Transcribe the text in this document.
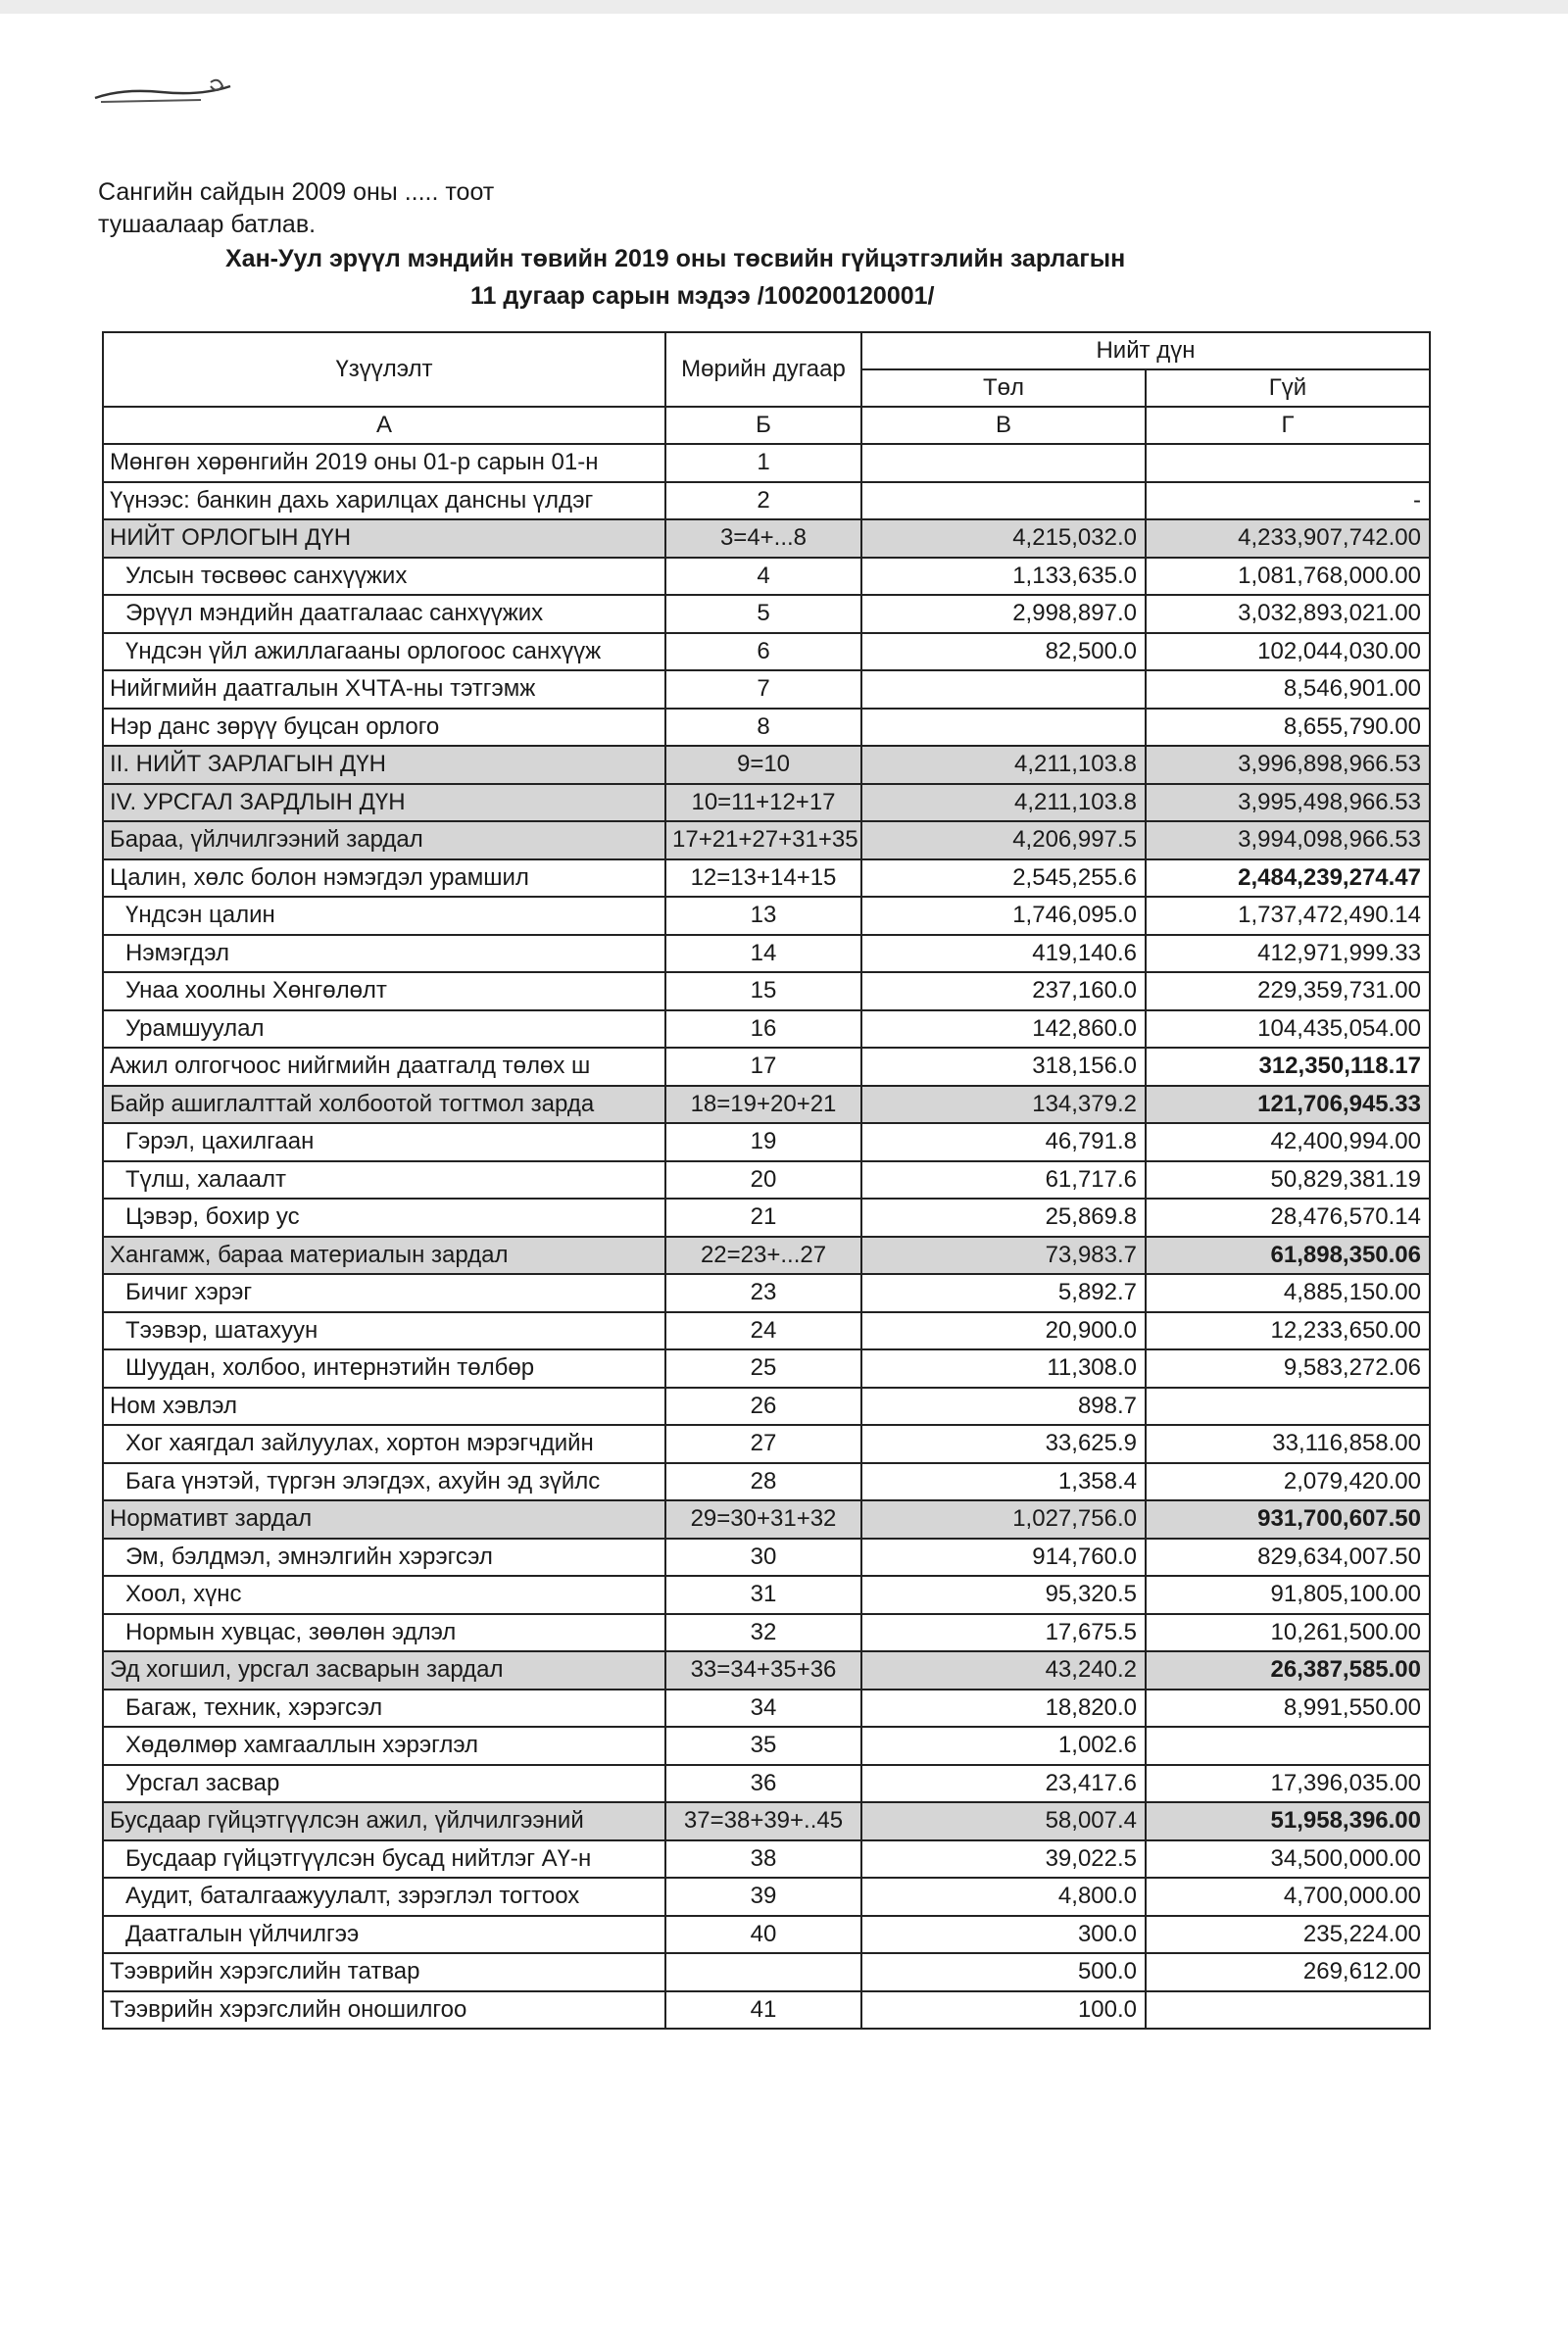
Сангийн сайдын 2009 оны ..... тоот
тушаалаар батлав.
Хан-Уул эрүүл мэндийн төвийн 2019 оны төсвийн гүйцэтгэлийн зарлагын
11 дугаар сарын мэдээ /100200120001/
Үзүүлэлт	Мөрийн дугаар	Нийт дүн	
		Төл	Гүй
А	Б	В	Г
Мөнгөн хөрөнгийн 2019 оны 01-р сарын 01-н	1		
Үүнээс: банкин дахь харилцах дансны үлдэг	2		-
НИЙТ ОРЛОГЫН ДҮН	3=4+...8	4,215,032.0	4,233,907,742.00
Улсын төсвөөс санхүүжих	4	1,133,635.0	1,081,768,000.00
Эрүүл мэндийн даатгалаас санхүүжих	5	2,998,897.0	3,032,893,021.00
Үндсэн үйл ажиллагааны орлогоос санхүүж	6	82,500.0	102,044,030.00
Нийгмийн даатгалын ХЧТА-ны тэтгэмж	7		8,546,901.00
Нэр данс зөрүү буцсан орлого	8		8,655,790.00
II. НИЙТ ЗАРЛАГЫН ДҮН	9=10	4,211,103.8	3,996,898,966.53
IV. УРСГАЛ ЗАРДЛЫН ДҮН	10=11+12+17	4,211,103.8	3,995,498,966.53
Бараа, үйлчилгээний зардал	17+21+27+31+35	4,206,997.5	3,994,098,966.53
Цалин, хөлс болон нэмэгдэл урамшил	12=13+14+15	2,545,255.6	2,484,239,274.47
Үндсэн цалин	13	1,746,095.0	1,737,472,490.14
Нэмэгдэл	14	419,140.6	412,971,999.33
Унаа хоолны Хөнгөлөлт	15	237,160.0	229,359,731.00
Урамшуулал	16	142,860.0	104,435,054.00
Ажил олгогчоос нийгмийн даатгалд төлөх ш	17	318,156.0	312,350,118.17
Байр ашиглалттай холбоотой тогтмол зарда	18=19+20+21	134,379.2	121,706,945.33
Гэрэл, цахилгаан	19	46,791.8	42,400,994.00
Түлш, халаалт	20	61,717.6	50,829,381.19
Цэвэр, бохир ус	21	25,869.8	28,476,570.14
Хангамж, бараа материалын зардал	22=23+...27	73,983.7	61,898,350.06
Бичиг хэрэг	23	5,892.7	4,885,150.00
Тээвэр, шатахуун	24	20,900.0	12,233,650.00
Шуудан, холбоо, интернэтийн төлбөр	25	11,308.0	9,583,272.06
Ном хэвлэл	26	898.7	
Хог хаягдал зайлуулах, хортон мэрэгчдийн	27	33,625.9	33,116,858.00
Бага үнэтэй, түргэн элэгдэх, ахуйн эд зүйлс	28	1,358.4	2,079,420.00
Нормативт зардал	29=30+31+32	1,027,756.0	931,700,607.50
Эм, бэлдмэл, эмнэлгийн хэрэгсэл	30	914,760.0	829,634,007.50
Хоол, хүнс	31	95,320.5	91,805,100.00
Нормын хувцас, зөөлөн эдлэл	32	17,675.5	10,261,500.00
Эд хогшил, урсгал засварын зардал	33=34+35+36	43,240.2	26,387,585.00
Багаж, техник, хэрэгсэл	34	18,820.0	8,991,550.00
Хөдөлмөр хамгааллын хэрэглэл	35	1,002.6	
Урсгал засвар	36	23,417.6	17,396,035.00
Бусдаар гүйцэтгүүлсэн ажил, үйлчилгээний	37=38+39+..45	58,007.4	51,958,396.00
Бусдаар гүйцэтгүүлсэн бусад нийтлэг АҮ-н	38	39,022.5	34,500,000.00
Аудит, баталгаажуулалт, зэрэглэл тогтоох	39	4,800.0	4,700,000.00
Даатгалын үйлчилгээ	40	300.0	235,224.00
Тээврийн хэрэгслийн татвар		500.0	269,612.00
Тээврийн хэрэгслийн оношилгоо	41	100.0	
